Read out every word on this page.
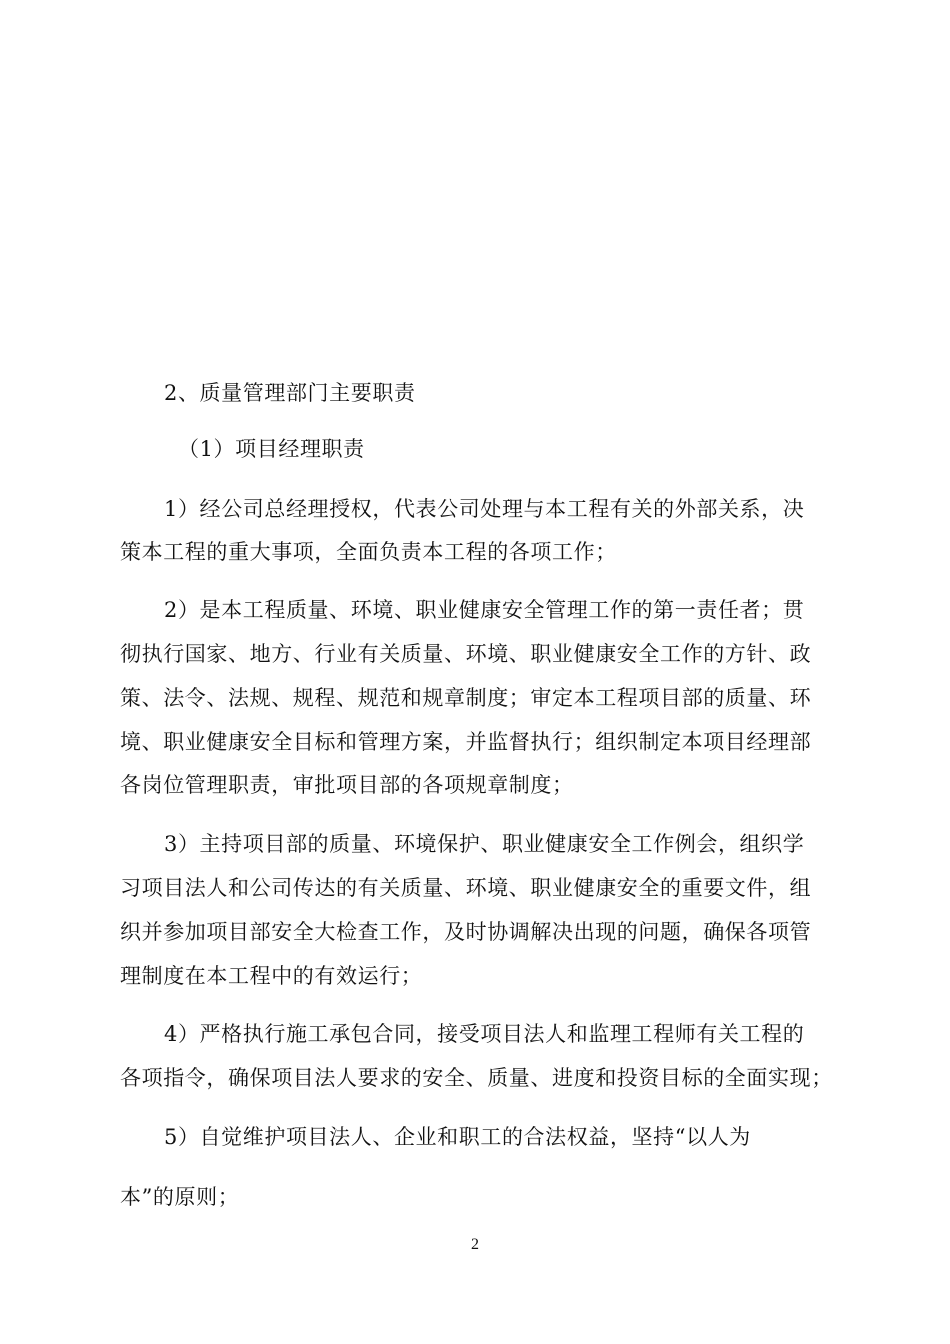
2、质量管理部门主要职责
（1）项目经理职责
1）经公司总经理授权，代表公司处理与本工程有关的外部关系，决
策本工程的重大事项，全面负责本工程的各项工作；
2）是本工程质量、环境、职业健康安全管理工作的第一责任者；贯
彻执行国家、地方、行业有关质量、环境、职业健康安全工作的方针、政
策、法令、法规、规程、规范和规章制度；审定本工程项目部的质量、环
境、职业健康安全目标和管理方案，并监督执行；组织制定本项目经理部
各岗位管理职责，审批项目部的各项规章制度；
3）主持项目部的质量、环境保护、职业健康安全工作例会，组织学
习项目法人和公司传达的有关质量、环境、职业健康安全的重要文件，组
织并参加项目部安全大检查工作，及时协调解决出现的问题，确保各项管
理制度在本工程中的有效运行；
4）严格执行施工承包合同，接受项目法人和监理工程师有关工程的
各项指令，确保项目法人要求的安全、质量、进度和投资目标的全面实现；
5）自觉维护项目法人、企业和职工的合法权益，坚持“以人为
本”的原则；
2
